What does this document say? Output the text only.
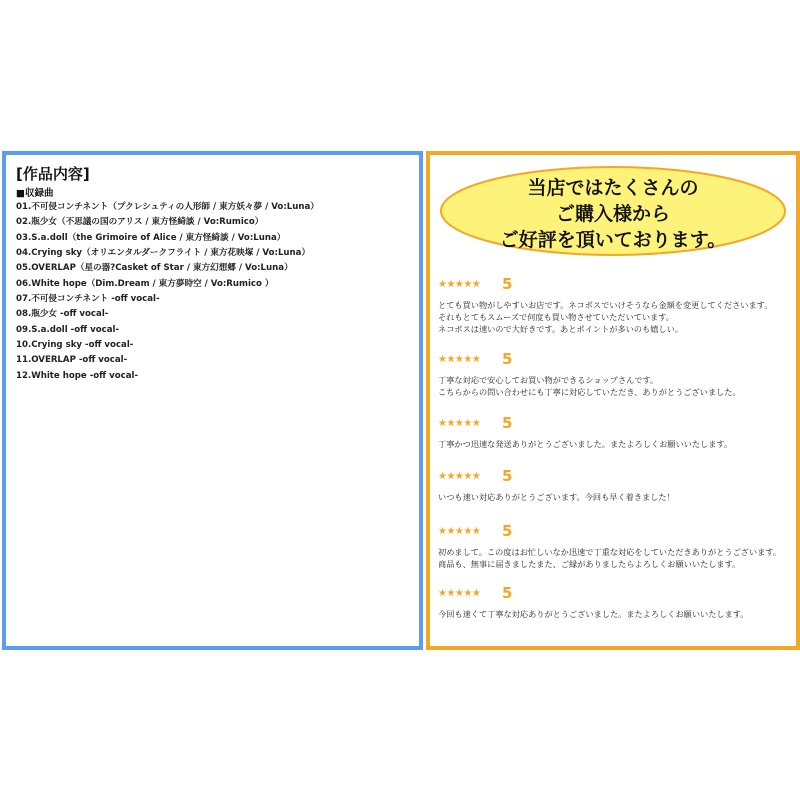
[作品内容]
■収録曲
01.不可侵コンチネント（プクレシュティの人形師 / 東方妖々夢 / Vo:Luna）
02.瓶少女（不思議の国のアリス / 東方怪綺談 / Vo:Rumico）
03.S.a.doll（the Grimoire of Alice / 東方怪綺談 / Vo:Luna）
04.Crying sky（オリエンタルダークフライト / 東方花映塚 / Vo:Luna）
05.OVERLAP（星の器?Casket of Star / 東方幻想郷 / Vo:Luna）
06.White hope（Dim.Dream / 東方夢時空 / Vo:Rumico ）
07.不可侵コンチネント -off vocal-
08.瓶少女 -off vocal-
09.S.a.doll -off vocal-
10.Crying sky -off vocal-
11.OVERLAP -off vocal-
12.White hope -off vocal-
当店ではたくさんの
ご購入様から
ご好評を頂いております。
★★★★★ 5
とても買い物がしやすいお店です。ネコポスでいけそうなら金額を変更してくださいます。
それもとてもスムーズで何度も買い物させていただいています。
ネコポスは速いので大好きです。あとポイントが多いのも嬉しい。
★★★★★ 5
丁寧な対応で安心してお買い物ができるショップさんです。
こちらからの問い合わせにも丁寧に対応していただき、ありがとうございました。
★★★★★ 5
丁寧かつ迅速な発送ありがとうございました。またよろしくお願いいたします。
★★★★★ 5
いつも速い対応ありがとうございます。今回も早く着きました！
★★★★★ 5
初めまして。この度はお忙しいなか迅速で丁重な対応をしていただきありがとうございます。
商品も、無事に届きましたまた、ご縁がありましたらよろしくお願いいたします。
★★★★★ 5
今回も速くて丁寧な対応ありがとうございました。またよろしくお願いいたします。
